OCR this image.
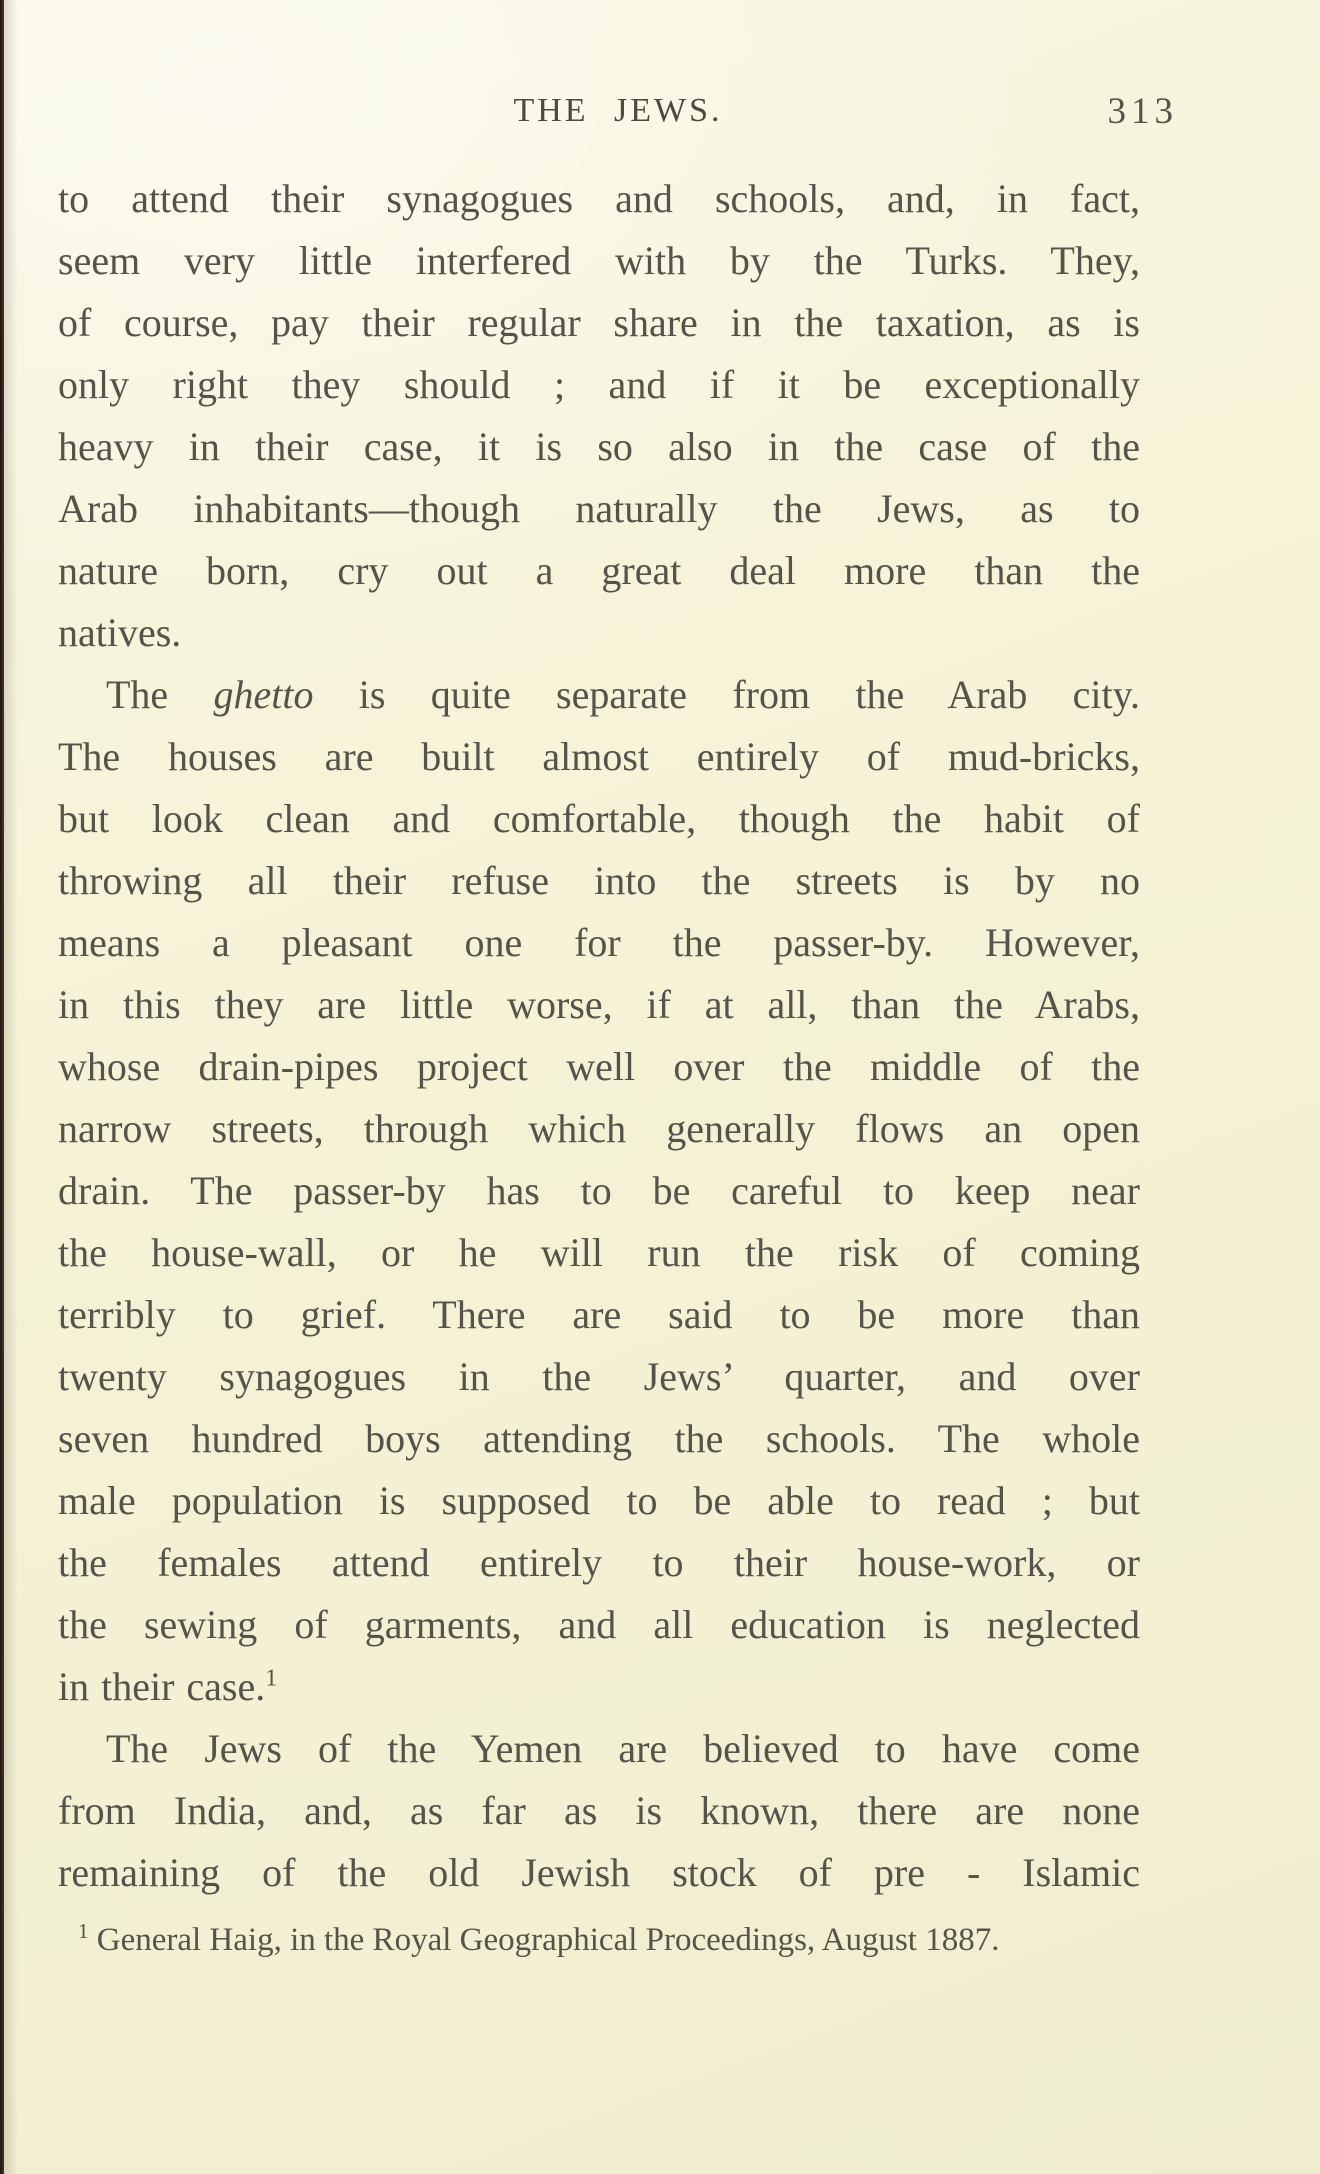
THE JEWS.	313
to attend their synagogues and schools, and, in fact,
seem very little interfered with by the Turks. They,
of course, pay their regular share in the taxation, as is
only right they should ; and if it be exceptionally
heavy in their case, it is so also in the case of the
Arab inhabitants—though naturally the Jews, as to
nature born, cry out a great deal more than the
natives.
The ghetto is quite separate from the Arab city.
The houses are built almost entirely of mud-bricks,
but look clean and comfortable, though the habit of
throwing all their refuse into the streets is by no
means a pleasant one for the passer-by. However,
in this they are little worse, if at all, than the Arabs,
whose drain-pipes project well over the middle of the
narrow streets, through which generally flows an open
drain. The passer-by has to be careful to keep near
the house-wall, or he will run the risk of coming
terribly to grief. There are said to be more than
twenty synagogues in the Jews’ quarter, and over
seven hundred boys attending the schools. The whole
male population is supposed to be able to read ; but
the females attend entirely to their house-work, or
the sewing of garments, and all education is neglected
in their case.$^1$
The Jews of the Yemen are believed to have come
from India, and, as far as is known, there are none
remaining of the old Jewish stock of pre - Islamic
$^1$ General Haig, in the Royal Geographical Proceedings, August 1887.
